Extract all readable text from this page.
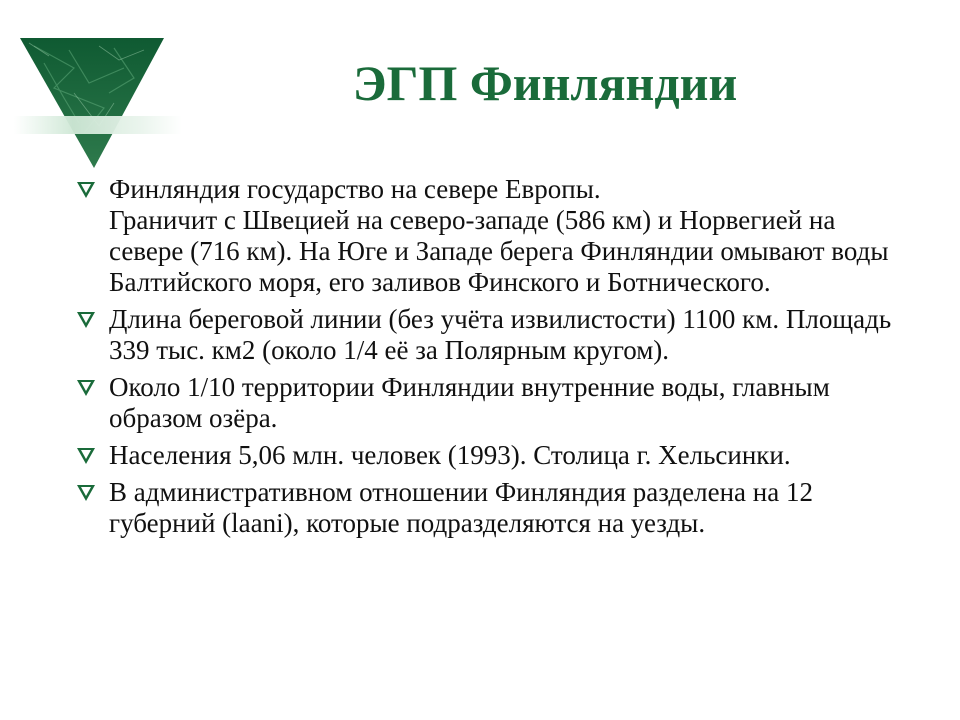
ЭГП Финляндии
Финляндия государство на севере Европы.
Граничит с Швецией на северо-западе (586 км) и Норвегией на севере (716 км). На Юге и Западе берега Финляндии омывают воды Балтийского моря, его заливов Финского и Ботнического.
Длина береговой линии (без учёта извилистости) 1100 км. Площадь 339 тыс. км2 (около 1/4 её за Полярным кругом).
Около 1/10 территории Финляндии внутренние воды, главным образом озёра.
Населения 5,06 млн. человек (1993). Столица г. Хельсинки.
В административном отношении Финляндия разделена на 12 губерний (laani), которые подразделяются на уезды.
